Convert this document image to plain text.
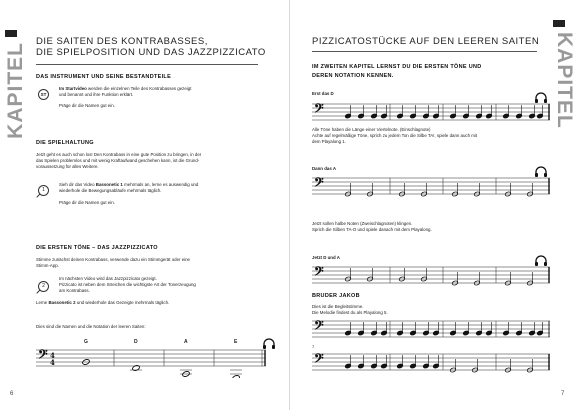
KAPITEL
DIE SAITEN DES KONTRABASSES,
DIE SPIELPOSITION UND DAS JAZZPIZZICATO
DAS INSTRUMENT UND SEINE BESTANDTEILE
ST
Im Startvideo werden die einzelnen Teile des Kontrabasses gezeigt
und benannt und ihre Funktion erklärt.
Präge dir die Namen gut ein.
DIE SPIELHALTUNG
Jetzt geht es auch schon los! Den Kontrabass in eine gute Position zu bringen, in der
das Spielen problemlos und mit wenig Kraftaufwand geschehen kann, ist die Grund-
voraussetzung für alles Weitere.
1
Sieh dir das Video Bassonetic 1 mehrmals an, lerne es auswendig und
wiederhole die Bewegungsabläufe mehrmals täglich.
Präge dir die Namen gut ein.
DIE ERSTEN TÖNE – DAS JAZZPIZZICATO
Stimme zunächst deinen Kontrabass, verwende dazu ein Stimmgerät oder eine
Stimm-App.
2
Im nächsten Video wird das Jazzpizzicato gezeigt.
Pizzicato ist neben dem Streichen die wichtigste Art der Tonerzeugung
am Kontrabass.
Lerne Bassonetic 2 und wiederhole das Gezeigte mehrmals täglich.
Dies sind die Namen und die Notation der leeren Saiten:
𝄢 4
4
G	D	A	E
6
KAPITEL
PIZZICATOSTÜCKE AUF DEN LEEREN SAITEN
IM ZWEITEN KAPITEL LERNST DU DIE ERSTEN TÖNE UND
DEREN NOTATION KENNEN.
Erst das D
3
𝄢
Alle Töne haben die Länge einer Viertelnote. (Einschlagnote)
Achte auf regelmäßige Töne, sprich zu jedem Ton die Silbe TA!, spiele dann auch mit
dem Playalong 1.
Dann das A
𝄢
Jetzt sollen halbe Noten (Zweischlagnoten) klingen.
Sprich die Silben TA-O und spiele danach mit dem Playalong.
Jetzt D und A
𝄢
BRUDER JAKOB
Dies ist die Begleitstimme.
Die Melodie findest du als Playalong 5.
𝄢
7
𝄢
7
